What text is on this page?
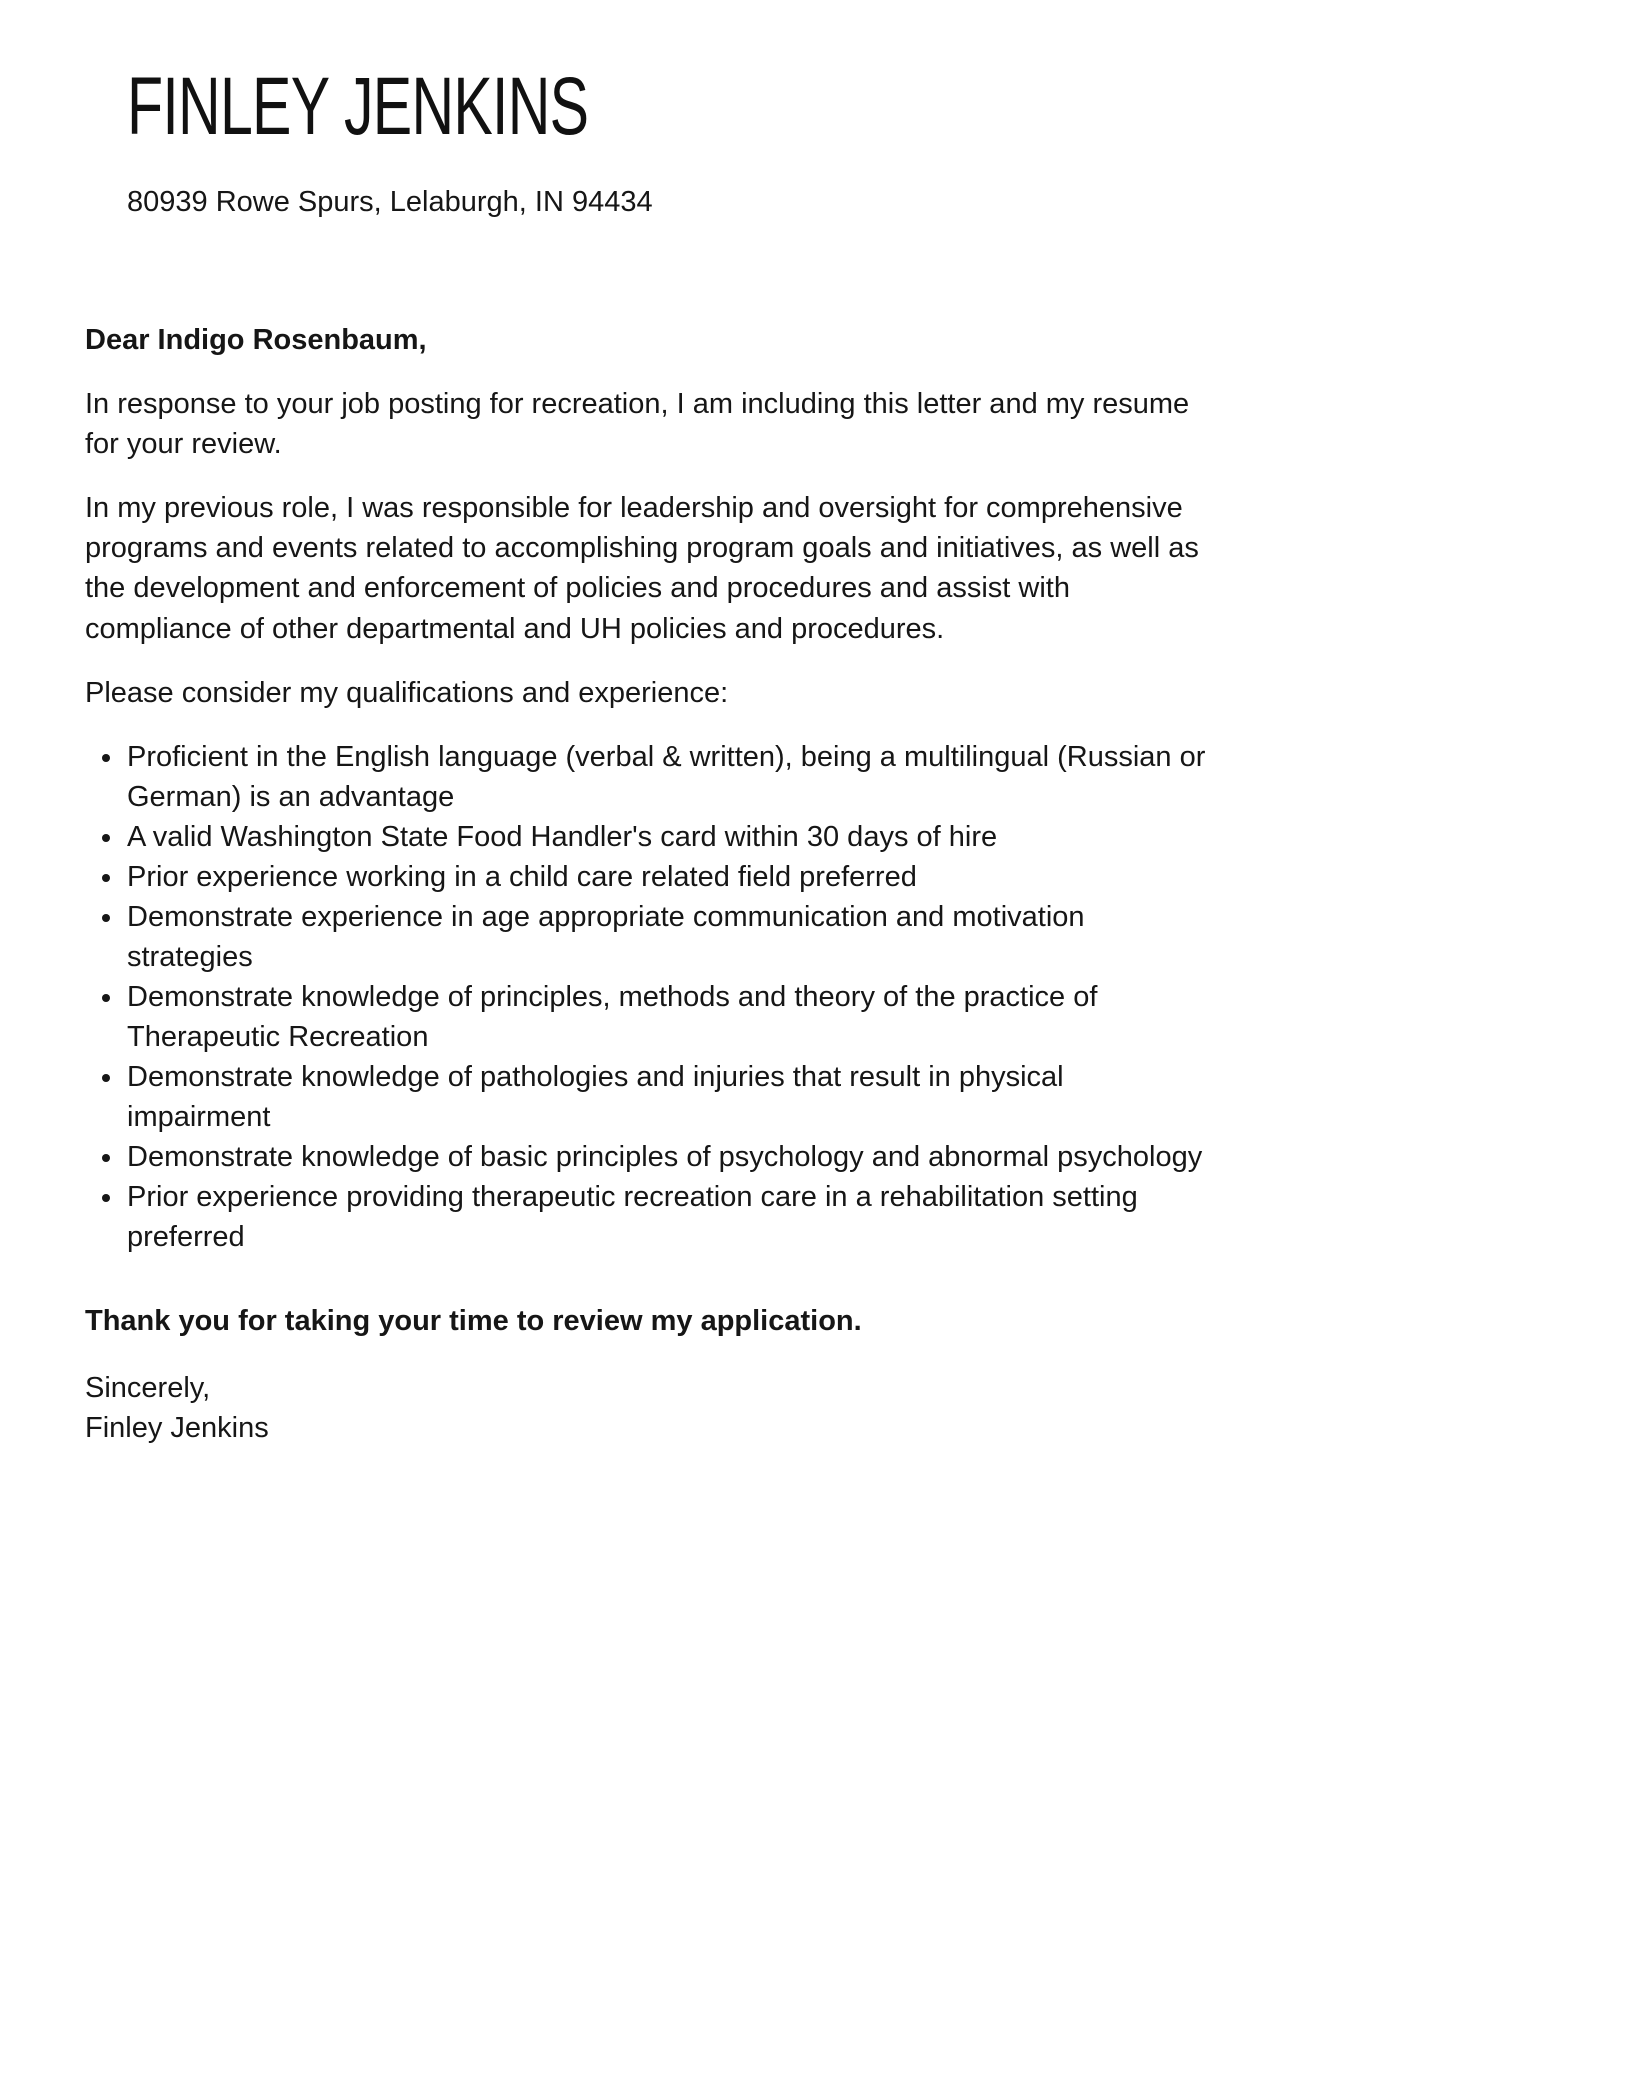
FINLEY JENKINS
80939 Rowe Spurs, Lelaburgh, IN 94434

Dear Indigo Rosenbaum,

In response to your job posting for recreation, I am including this letter and my resume for your review.

In my previous role, I was responsible for leadership and oversight for comprehensive programs and events related to accomplishing program goals and initiatives, as well as the development and enforcement of policies and procedures and assist with compliance of other departmental and UH policies and procedures.

Please consider my qualifications and experience:

• Proficient in the English language (verbal & written), being a multilingual (Russian or German) is an advantage
• A valid Washington State Food Handler's card within 30 days of hire
• Prior experience working in a child care related field preferred
• Demonstrate experience in age appropriate communication and motivation strategies
• Demonstrate knowledge of principles, methods and theory of the practice of Therapeutic Recreation
• Demonstrate knowledge of pathologies and injuries that result in physical impairment
• Demonstrate knowledge of basic principles of psychology and abnormal psychology
• Prior experience providing therapeutic recreation care in a rehabilitation setting preferred

Thank you for taking your time to review my application.

Sincerely,
Finley Jenkins
